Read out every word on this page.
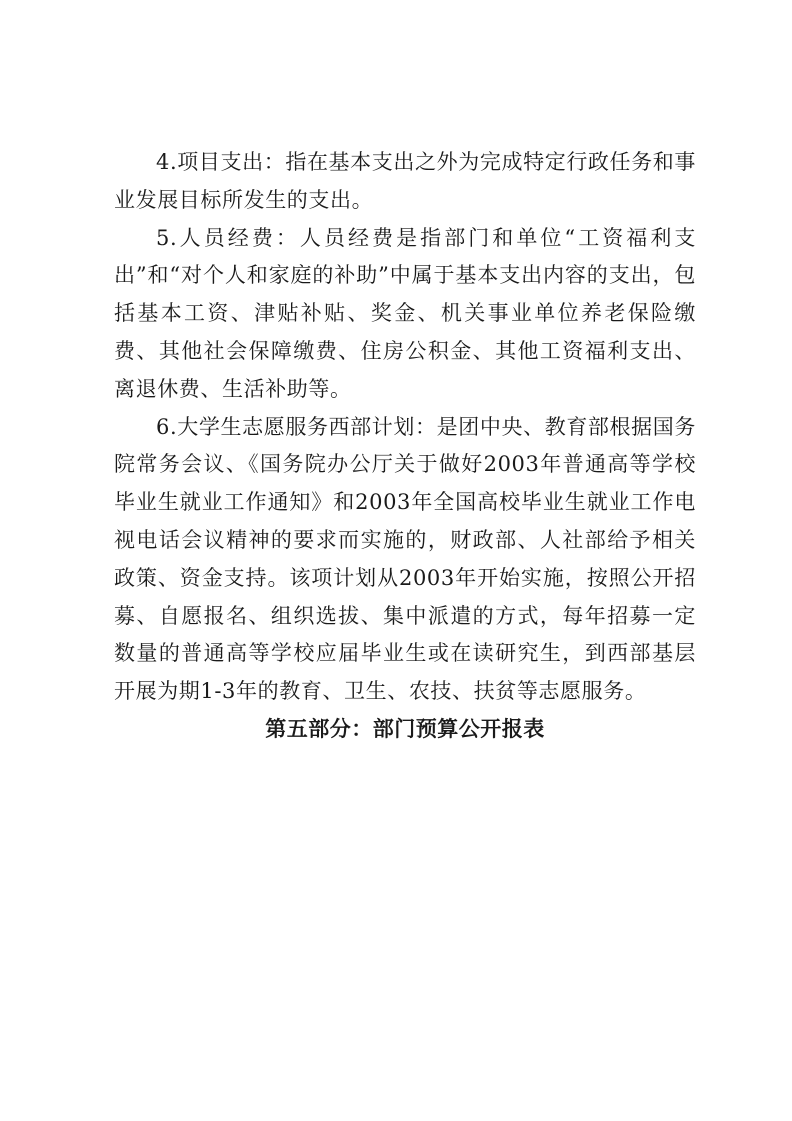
4.项目支出：指在基本支出之外为完成特定行政任务和事业发展目标所发生的支出。

5.人员经费：人员经费是指部门和单位“工资福利支出”和“对个人和家庭的补助”中属于基本支出内容的支出，包括基本工资、津贴补贴、奖金、机关事业单位养老保险缴费、其他社会保障缴费、住房公积金、其他工资福利支出、离退休费、生活补助等。

6.大学生志愿服务西部计划：是团中央、教育部根据国务院常务会议、《国务院办公厅关于做好2003年普通高等学校毕业生就业工作通知》和2003年全国高校毕业生就业工作电视电话会议精神的要求而实施的，财政部、人社部给予相关政策、资金支持。该项计划从2003年开始实施，按照公开招募、自愿报名、组织选拔、集中派遣的方式，每年招募一定数量的普通高等学校应届毕业生或在读研究生，到西部基层开展为期1-3年的教育、卫生、农技、扶贫等志愿服务。

第五部分：部门预算公开报表
